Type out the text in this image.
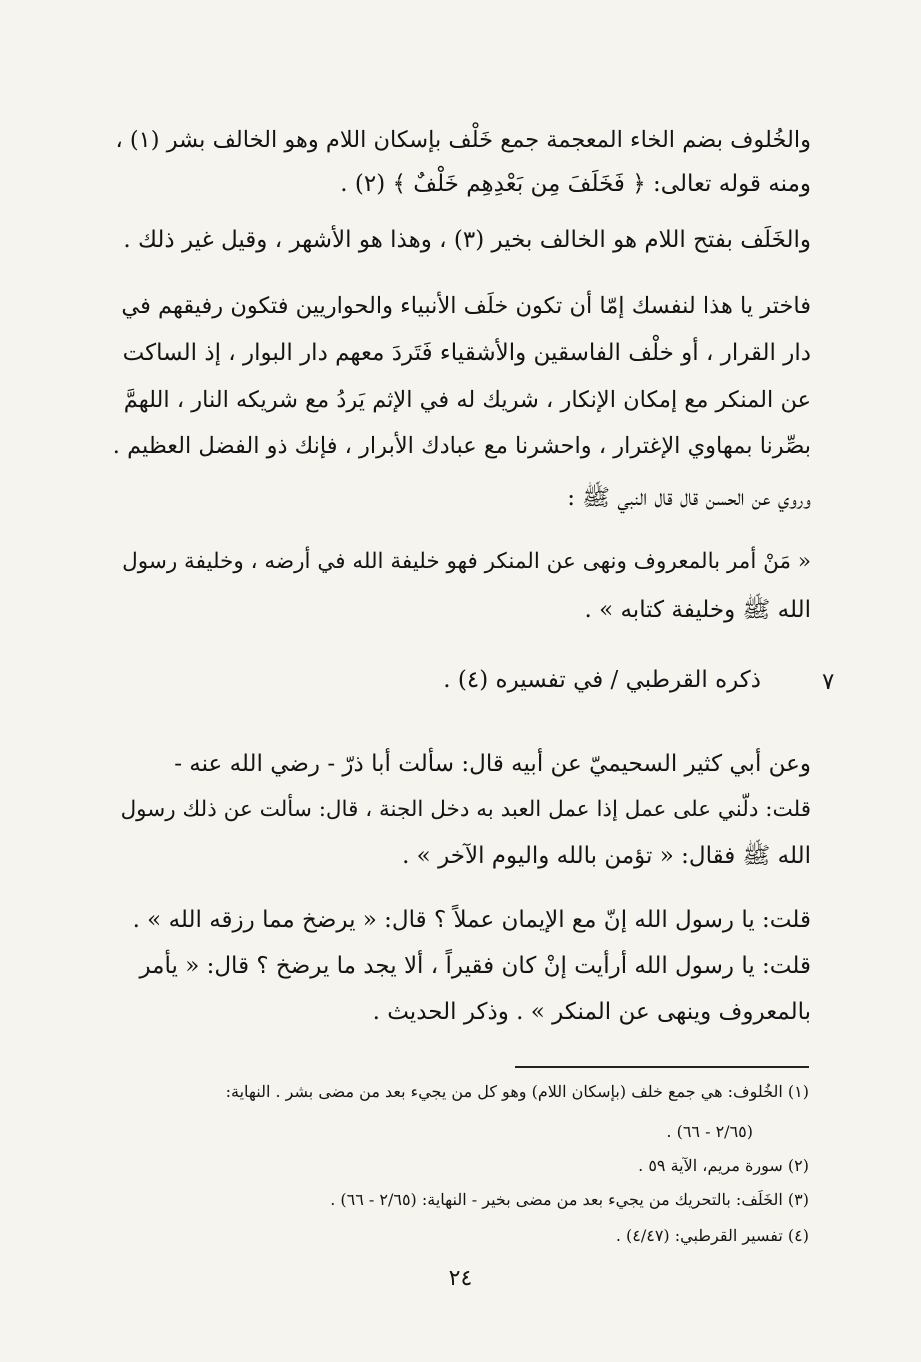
والخُلوف بضم الخاء المعجمة جمع خَلْف بإسكان اللام وهو الخالف بشر (١) ،
ومنه قوله تعالى: ﴿ فَخَلَفَ مِن بَعْدِهِم خَلْفٌ ﴾ (٢) .
والخَلَف بفتح اللام هو الخالف بخير (٣) ، وهذا هو الأشهر ، وقيل غير ذلك .
فاختر يا هذا لنفسك إمّا أن تكون خلَف الأنبياء والحواريين فتكون رفيقهم في
دار القرار ، أو خلْف الفاسقين والأشقياء فَتَردَ معهم دار البوار ، إذ الساكت
عن المنكر مع إمكان الإنكار ، شريك له في الإثم يَردُ مع شريكه النار ، اللهمَّ
بصِّرنا بمهاوي الإغترار ، واحشرنا مع عبادك الأبرار ، فإنك ذو الفضل العظيم .
وروي عن الحسن قال قال النبي ﷺ :
« مَنْ أمر بالمعروف ونهى عن المنكر فهو خليفة الله في أرضه ، وخليفة رسول
الله ﷺ وخليفة كتابه » .
ذكره القرطبي / في تفسيره (٤) .	٧
وعن أبي كثير السحيميّ عن أبيه قال: سألت أبا ذرّ - رضي الله عنه -
قلت: دلّني على عمل إذا عمل العبد به دخل الجنة ، قال: سألت عن ذلك رسول
الله ﷺ فقال: « تؤمن بالله واليوم الآخر » .
قلت: يا رسول الله إنّ مع الإيمان عملاً ؟ قال: « يرضخ مما رزقه الله » .
قلت: يا رسول الله أرأيت إنْ كان فقيراً ، ألا يجد ما يرضخ ؟ قال: « يأمر
بالمعروف وينهى عن المنكر » . وذكر الحديث .
(١) الخُلوف: هي جمع خلف (بإسكان اللام) وهو كل من يجيء بعد من مضى بشر . النهاية:
(٢/٦٥ - ٦٦) .
(٢) سورة مريم، الآية ٥٩ .
(٣) الخَلَف: بالتحريك من يجيء بعد من مضى بخير - النهاية: (٢/٦٥ - ٦٦) .
(٤) تفسير القرطبي: (٤/٤٧) .
٢٤
